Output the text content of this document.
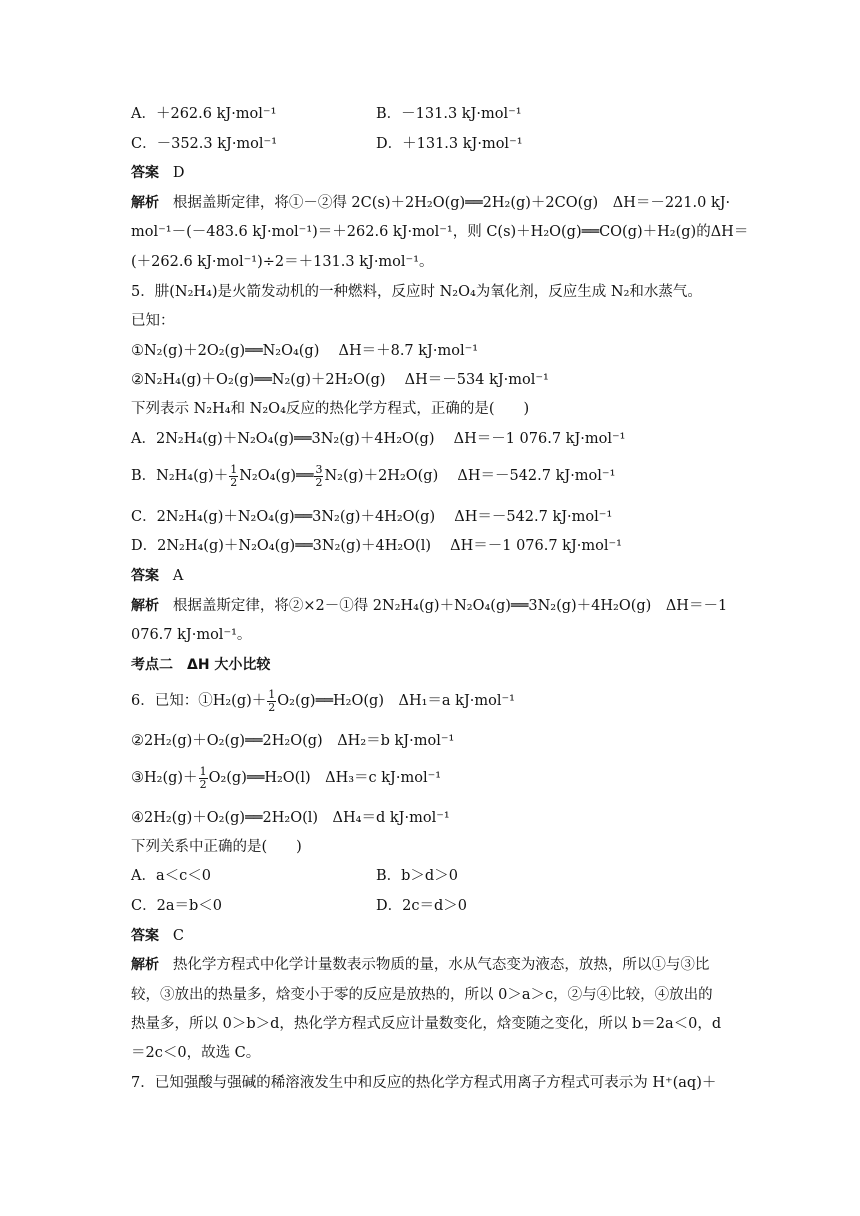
A．＋262.6 kJ·mol⁻¹	B．－131.3 kJ·mol⁻¹
C．－352.3 kJ·mol⁻¹	D．＋131.3 kJ·mol⁻¹
答案 D
解析 根据盖斯定律，将①－②得 2C(s)＋2H₂O(g)══2H₂(g)＋2CO(g)　ΔH＝－221.0 kJ·
mol⁻¹－(－483.6 kJ·mol⁻¹)＝＋262.6 kJ·mol⁻¹，则 C(s)＋H₂O(g)══CO(g)＋H₂(g)的ΔH＝
(＋262.6 kJ·mol⁻¹)÷2＝＋131.3 kJ·mol⁻¹。
5．肼(N₂H₄)是火箭发动机的一种燃料，反应时 N₂O₄为氧化剂，反应生成 N₂和水蒸气。
已知：
①N₂(g)＋2O₂(g)══N₂O₄(g)　 ΔH＝＋8.7 kJ·mol⁻¹
②N₂H₄(g)＋O₂(g)══N₂(g)＋2H₂O(g)　 ΔH＝－534 kJ·mol⁻¹
下列表示 N₂H₄和 N₂O₄反应的热化学方程式，正确的是(　　)
A．2N₂H₄(g)＋N₂O₄(g)══3N₂(g)＋4H₂O(g)　 ΔH＝－1 076.7 kJ·mol⁻¹
B．$N_2H_4(g)+ \frac{1}{2}$ N₂O₄(g)══ $\frac{3}{2} N_2(g)+2H_2O(g)$　 ΔH＝－542.7 kJ·mol⁻¹
C．2N₂H₄(g)＋N₂O₄(g)══3N₂(g)＋4H₂O(g)　 ΔH＝－542.7 kJ·mol⁻¹
D．2N₂H₄(g)＋N₂O₄(g)══3N₂(g)＋4H₂O(l)　 ΔH＝－1 076.7 kJ·mol⁻¹
答案 A
解析 根据盖斯定律，将②×2－①得 2N₂H₄(g)＋N₂O₄(g)══3N₂(g)＋4H₂O(g)　ΔH＝－1
076.7 kJ·mol⁻¹。
考点二　ΔH 大小比较
6．已知：①H₂(g)＋ $\frac{1}{2}$ O₂(g)══H₂O(g)　ΔH₁＝a kJ·mol⁻¹
②2H₂(g)＋O₂(g)══2H₂O(g)　ΔH₂＝b kJ·mol⁻¹
③H₂(g)＋ $\frac{1}{2}$ O₂(g)══H₂O(l)　ΔH₃＝c kJ·mol⁻¹
④2H₂(g)＋O₂(g)══2H₂O(l)　ΔH₄＝d kJ·mol⁻¹
下列关系中正确的是(　　)
A．a＜c＜0	B．b＞d＞0
C．2a＝b＜0	D．2c＝d＞0
答案 C
解析 热化学方程式中化学计量数表示物质的量，水从气态变为液态，放热，所以①与③比
较，③放出的热量多，焓变小于零的反应是放热的，所以 0＞a＞c，②与④比较，④放出的
热量多，所以 0＞b＞d，热化学方程式反应计量数变化，焓变随之变化，所以 b＝2a＜0，d
＝2c＜0，故选 C。
7．已知强酸与强碱的稀溶液发生中和反应的热化学方程式用离子方程式可表示为 H⁺(aq)＋
